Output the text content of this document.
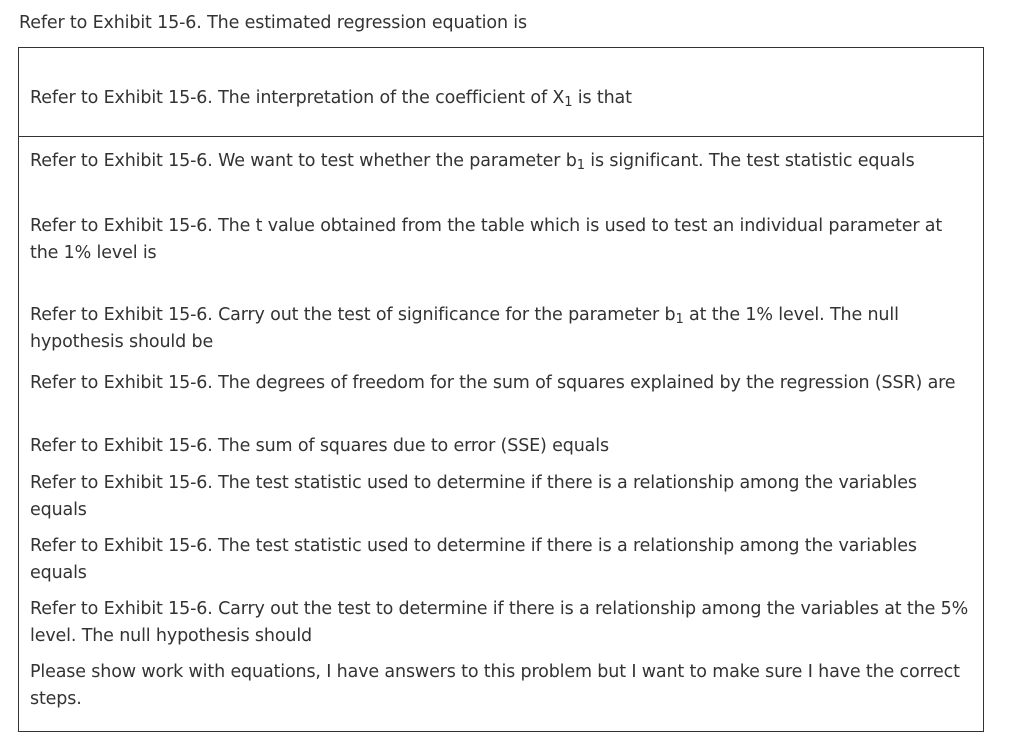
Refer to Exhibit 15-6. The estimated regression equation is

Refer to Exhibit 15-6. The interpretation of the coefficient of $X_1$ is that

Refer to Exhibit 15-6. We want to test whether the parameter $b_1$ is significant. The test statistic equals

Refer to Exhibit 15-6. The t value obtained from the table which is used to test an individual parameter at the 1% level is

Refer to Exhibit 15-6. Carry out the test of significance for the parameter $b_1$ at the 1% level. The null hypothesis should be

Refer to Exhibit 15-6. The degrees of freedom for the sum of squares explained by the regression (SSR) are

Refer to Exhibit 15-6. The sum of squares due to error (SSE) equals

Refer to Exhibit 15-6. The test statistic used to determine if there is a relationship among the variables equals

Refer to Exhibit 15-6. The test statistic used to determine if there is a relationship among the variables equals

Refer to Exhibit 15-6. Carry out the test to determine if there is a relationship among the variables at the 5% level. The null hypothesis should

Please show work with equations, I have answers to this problem but I want to make sure I have the correct steps.
